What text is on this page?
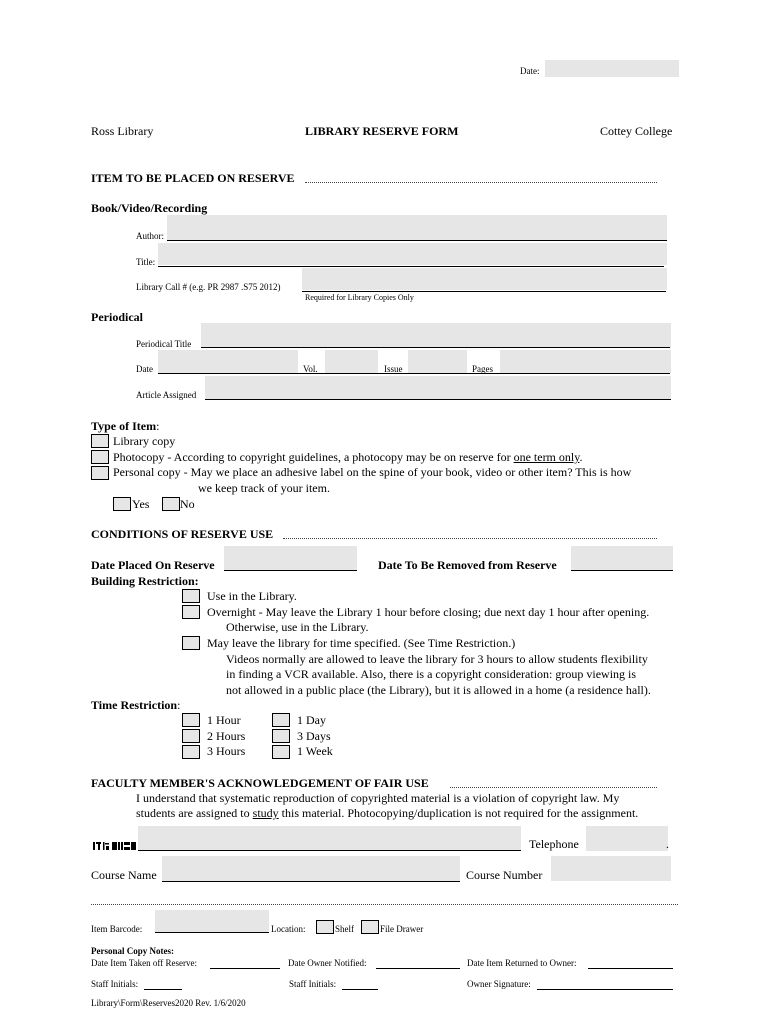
Date:
Ross Library	LIBRARY RESERVE FORM	Cottey College
ITEM TO BE PLACED ON RESERVE
Book/Video/Recording
Author:
Title:
Library Call # (e.g. PR 2987 .S75 2012)
Required for Library Copies Only
Periodical
Periodical Title
Date	Vol.	Issue	Pages
Article Assigned
Type of Item:
Library copy
Photocopy - According to copyright guidelines, a photocopy may be on reserve for one term only.
Personal copy - May we place an adhesive label on the spine of your book, video or other item? This is how
we keep track of your item.
Yes	No
CONDITIONS OF RESERVE USE
Date Placed On Reserve	Date To Be Removed from Reserve
Building Restriction:
Use in the Library.
Overnight - May leave the Library 1 hour before closing; due next day 1 hour after opening.
Otherwise, use in the Library.
May leave the library for time specified. (See Time Restriction.)
Videos normally are allowed to leave the library for 3 hours to allow students flexibility
in finding a VCR available. Also, there is a copyright consideration: group viewing is
not allowed in a public place (the Library), but it is allowed in a home (a residence hall).
Time Restriction:
1 Hour
2 Hours
3 Hours
1 Day
3 Days
1 Week
FACULTY MEMBER'S ACKNOWLEDGEMENT OF FAIR USE
I understand that systematic reproduction of copyrighted material is a violation of copyright law. My
students are assigned to study this material. Photocopying/duplication is not required for the assignment.
Telephone	.
Course Name	Course Number
Item Barcode:	Location:	Shelf	File Drawer
Personal Copy Notes:
Date Item Taken off Reserve:	Date Owner Notified:	Date Item Returned to Owner:
Staff Initials:	Staff Initials:	Owner Signature:
Library\Form\Reserves2020 Rev. 1/6/2020
